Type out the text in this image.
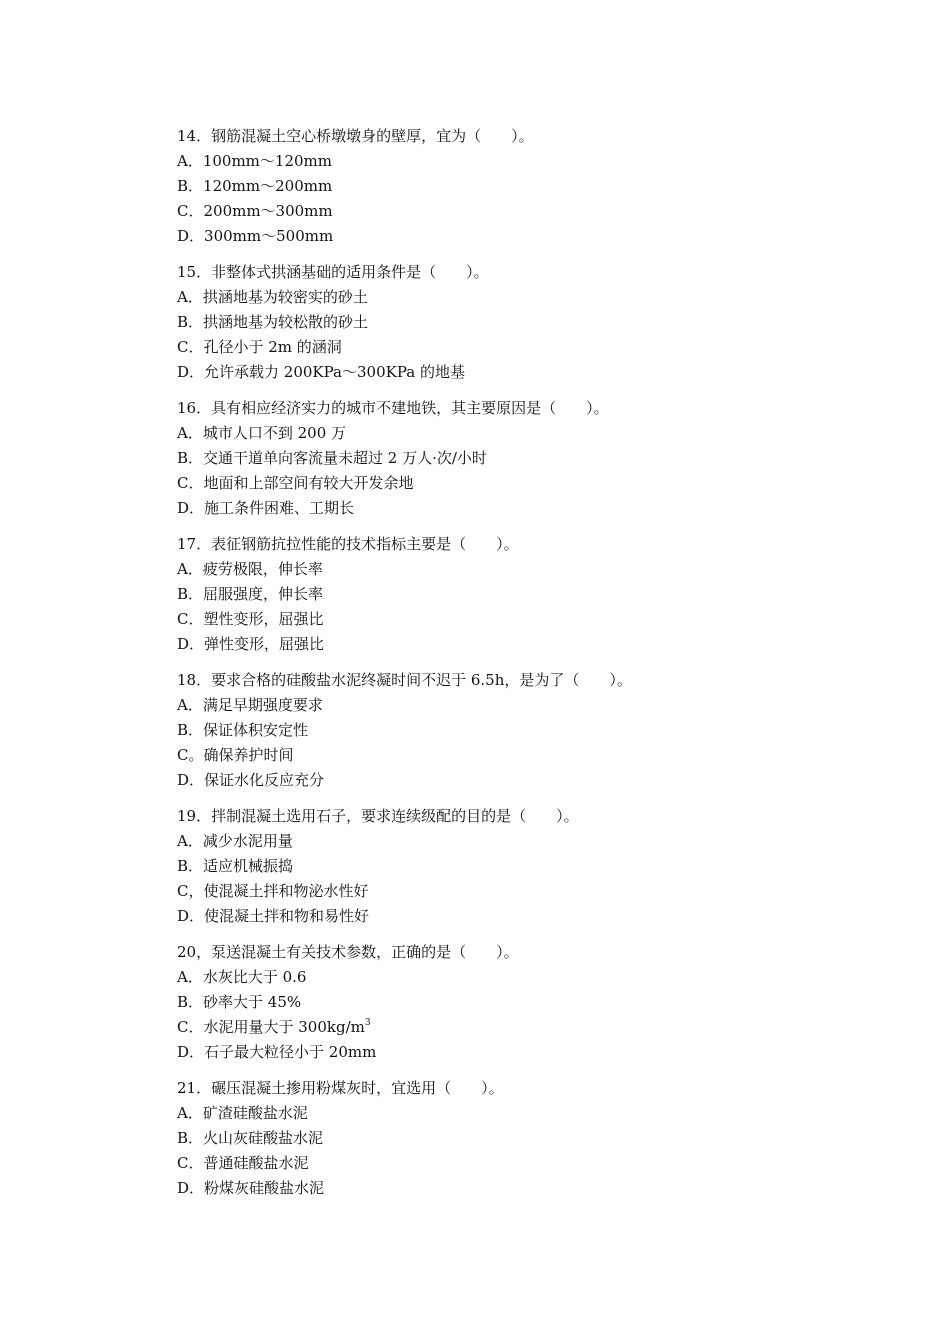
14．钢筋混凝土空心桥墩墩身的壁厚，宜为（　　）。

A．100mm～120mm

B．120mm～200mm

C．200mm～300mm

D．300mm～500mm

15．非整体式拱涵基础的适用条件是（　　）。

A．拱涵地基为较密实的砂土

B．拱涵地基为较松散的砂土

C．孔径小于 2m 的涵洞

D．允许承载力 200KPa～300KPa 的地基

16．具有相应经济实力的城市不建地铁，其主要原因是（　　）。

A．城市人口不到 200 万

B．交通干道单向客流量未超过 2 万人·次/小时

C．地面和上部空间有较大开发余地

D．施工条件困难、工期长

17．表征钢筋抗拉性能的技术指标主要是（　　）。

A．疲劳极限，伸长率

B．屈服强度，伸长率

C．塑性变形，屈强比

D．弹性变形，屈强比

18．要求合格的硅酸盐水泥终凝时间不迟于 6.5h，是为了（　　）。

A．满足早期强度要求

B．保证体积安定性

C。确保养护时间

D．保证水化反应充分

19．拌制混凝土选用石子，要求连续级配的目的是（　　）。

A．减少水泥用量

B．适应机械振捣

C，使混凝土拌和物泌水性好

D．使混凝土拌和物和易性好

20，泵送混凝土有关技术参数，正确的是（　　）。

A．水灰比大于 0.6

B．砂率大于 45%

C．水泥用量大于 $300kg/m^3$

D．石子最大粒径小于 20mm

21．碾压混凝土掺用粉煤灰时，宜选用（　　）。

A．矿渣硅酸盐水泥

B．火山灰硅酸盐水泥

C．普通硅酸盐水泥

D．粉煤灰硅酸盐水泥
